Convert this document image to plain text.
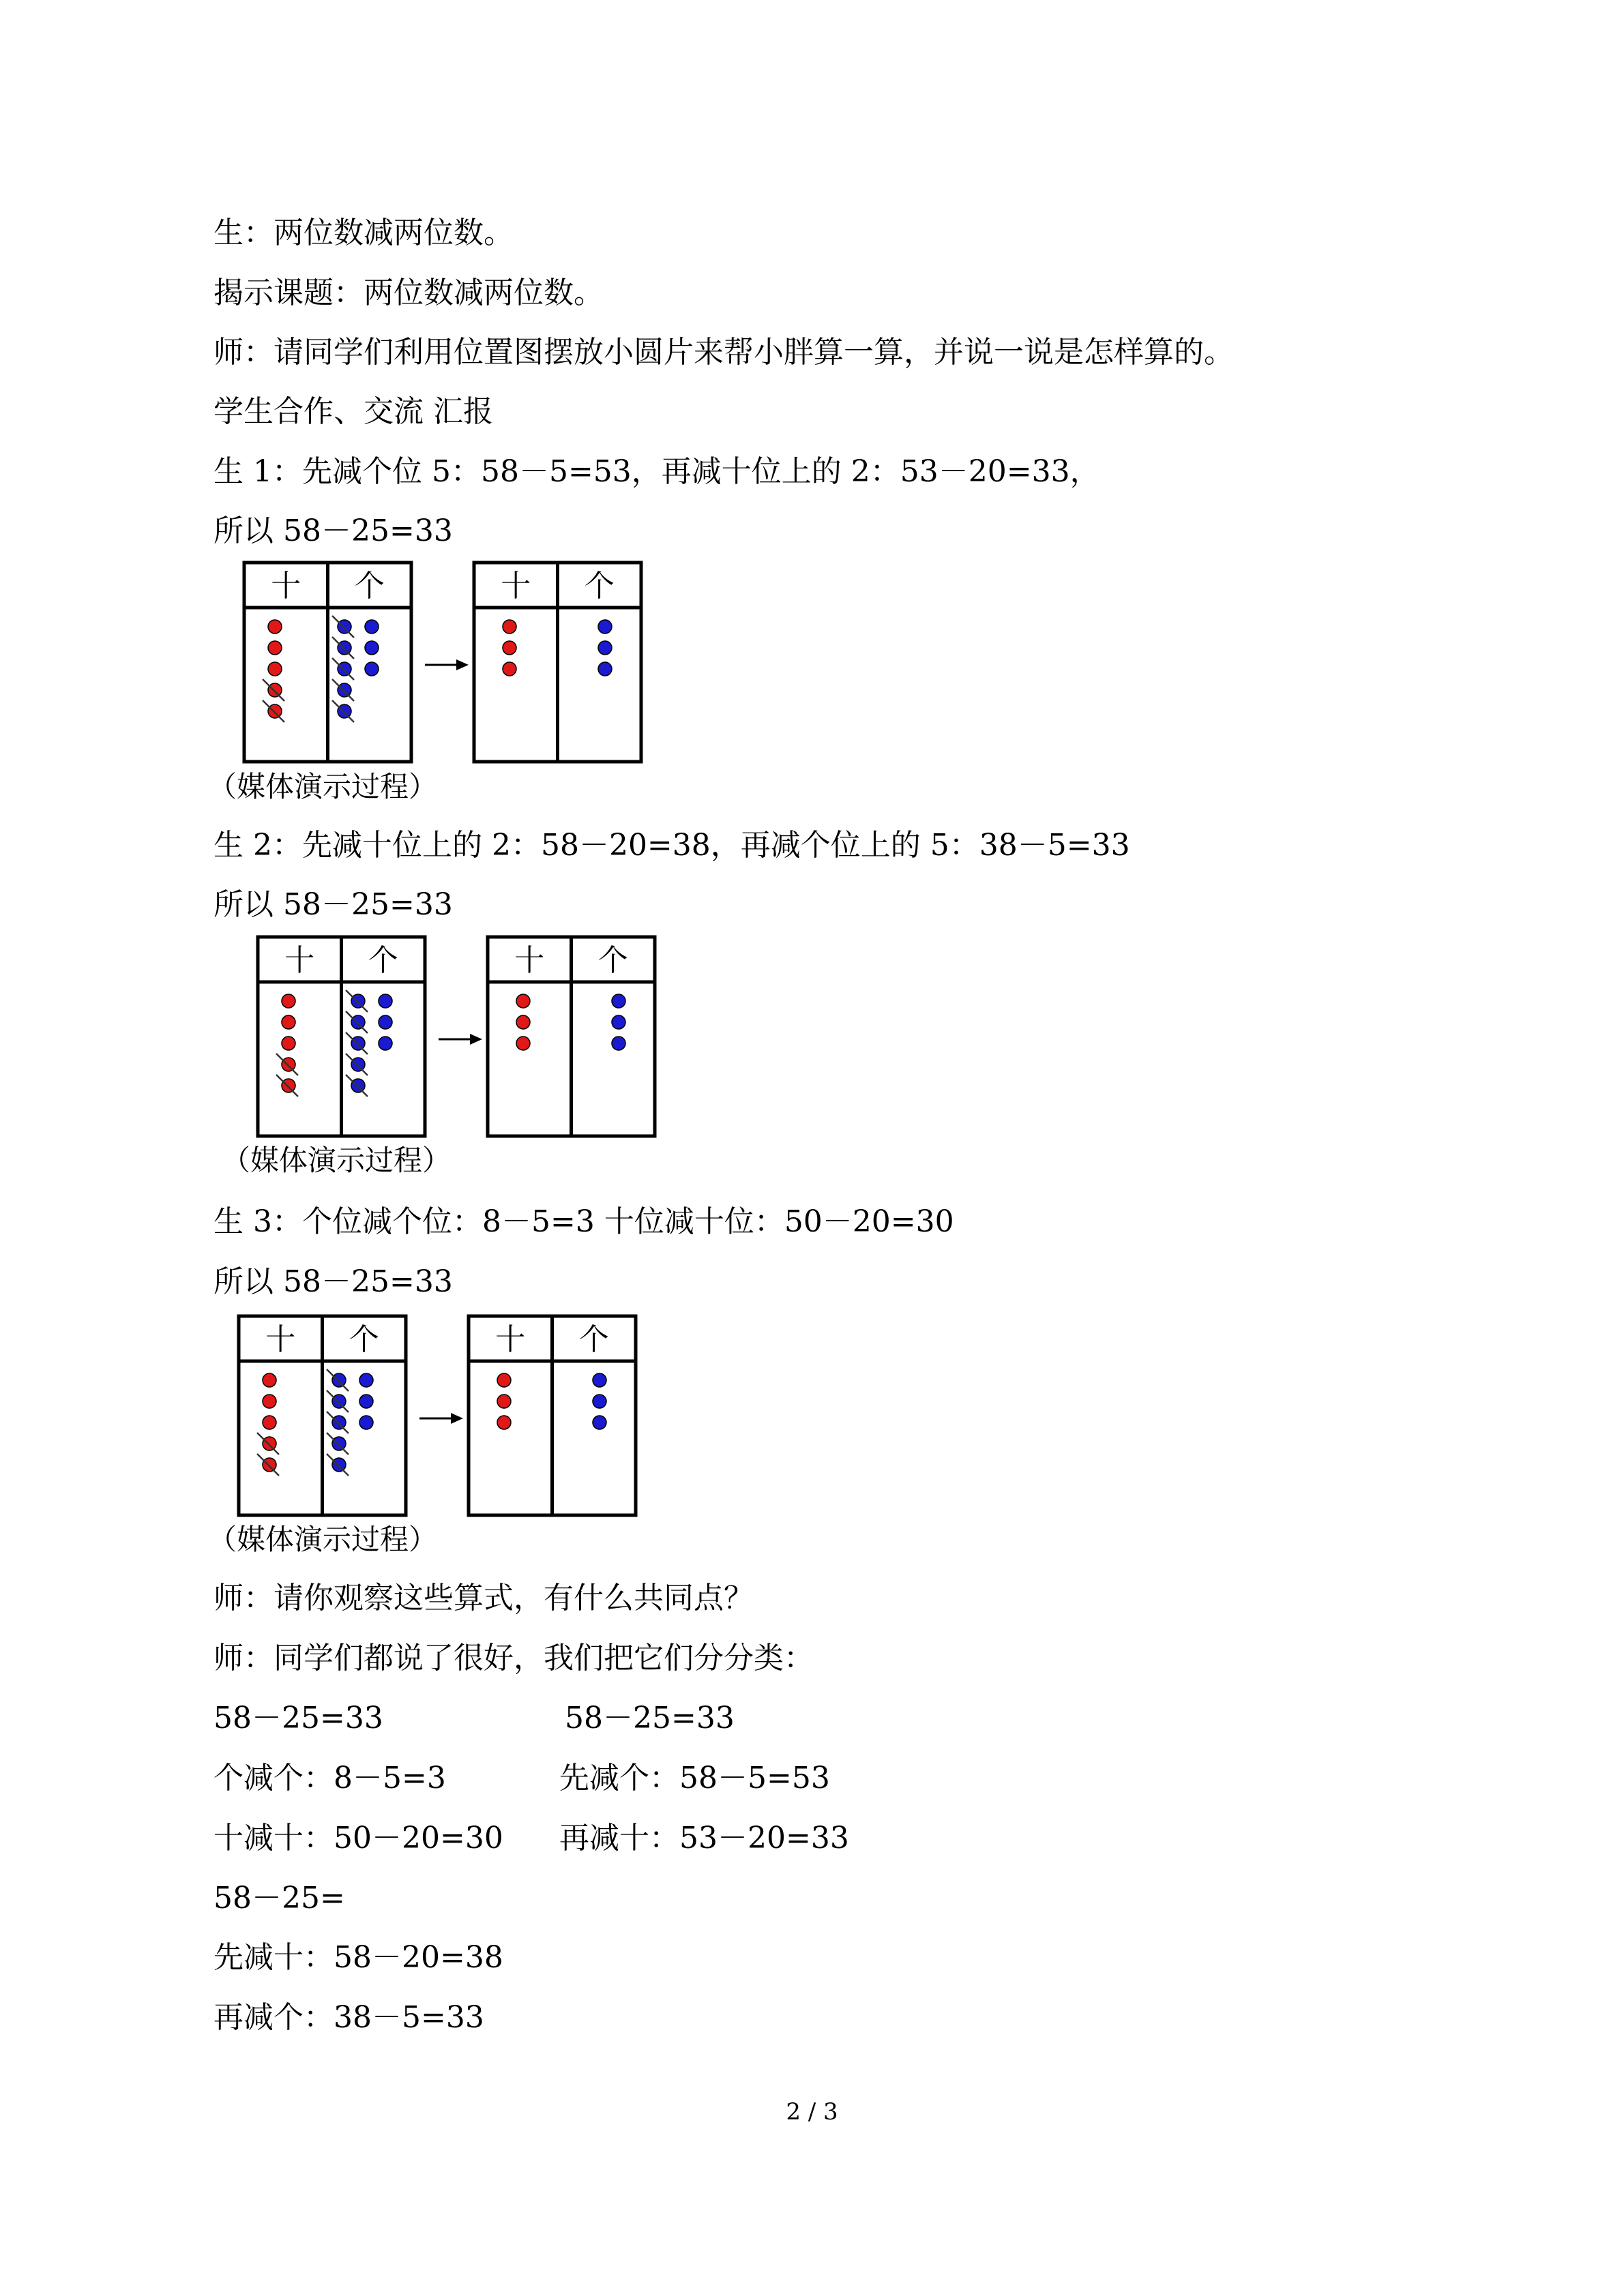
生：两位数减两位数。
揭示课题：两位数减两位数。
师：请同学们利用位置图摆放小圆片来帮小胖算一算，并说一说是怎样算的。
学生合作、交流 汇报
生 1：先减个位 5：58－5=53，再减十位上的 2：53－20=33，
所以 58－25=33
十 个	十 个
（媒体演示过程）
生 2：先减十位上的 2：58－20=38，再减个位上的 5：38－5=33
所以 58－25=33
十 个	十 个
（媒体演示过程）
生 3：个位减个位：8－5=3 十位减十位：50－20=30
所以 58－25=33
十 个	十 个
（媒体演示过程）
师：请你观察这些算式，有什么共同点？
师：同学们都说了很好，我们把它们分分类：
58－25=33	58－25=33
个减个：8－5=3	先减个：58－5=53
十减十：50－20=30 再减十：53－20=33
58－25=
先减十：58－20=38
再减个：38－5=33
2 / 3
